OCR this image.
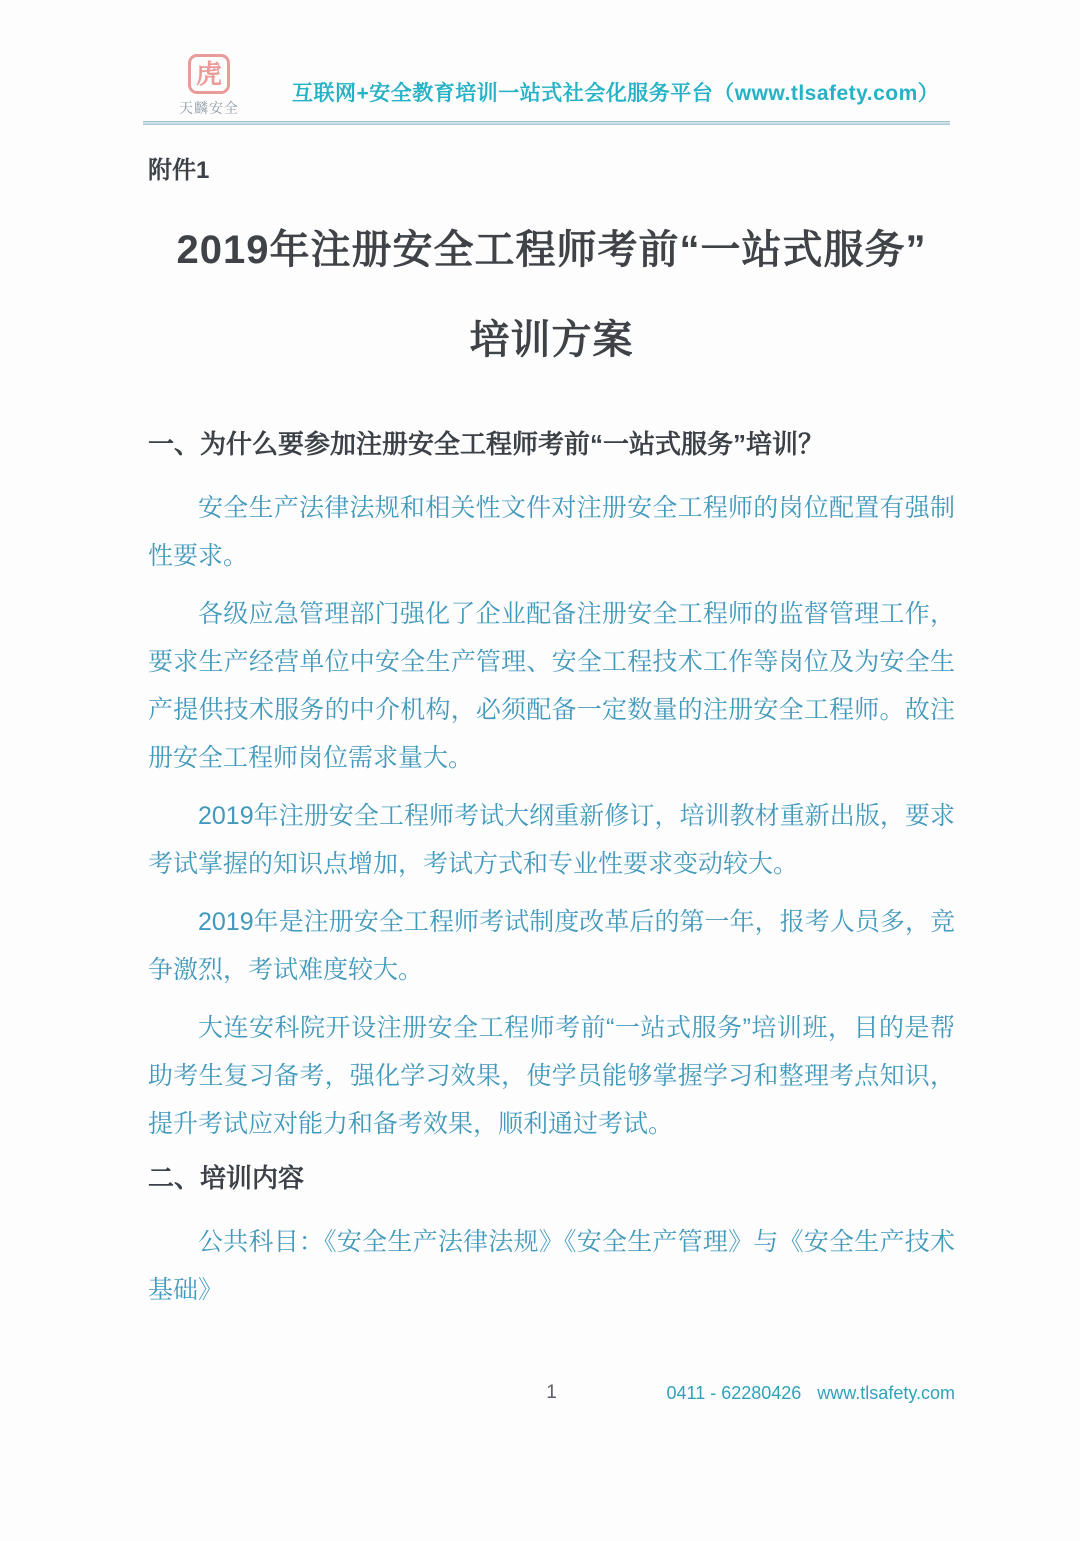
虎
天麟安全
互联网+安全教育培训一站式社会化服务平台（www.tlsafety.com）
附件1
2019年注册安全工程师考前“一站式服务”
培训方案
一、为什么要参加注册安全工程师考前“一站式服务”培训？

安全生产法律法规和相关性文件对注册安全工程师的岗位配置有强制性要求。

各级应急管理部门强化了企业配备注册安全工程师的监督管理工作，要求生产经营单位中安全生产管理、安全工程技术工作等岗位及为安全生产提供技术服务的中介机构，必须配备一定数量的注册安全工程师。故注册安全工程师岗位需求量大。

2019年注册安全工程师考试大纲重新修订，培训教材重新出版，要求考试掌握的知识点增加，考试方式和专业性要求变动较大。

2019年是注册安全工程师考试制度改革后的第一年，报考人员多，竞争激烈，考试难度较大。

大连安科院开设注册安全工程师考前“一站式服务”培训班，目的是帮助考生复习备考，强化学习效果，使学员能够掌握学习和整理考点知识，提升考试应对能力和备考效果，顺利通过考试。

二、培训内容

公共科目：《安全生产法律法规》《安全生产管理》与《安全生产技术基础》

1	0411 - 62280426 www.tlsafety.com
